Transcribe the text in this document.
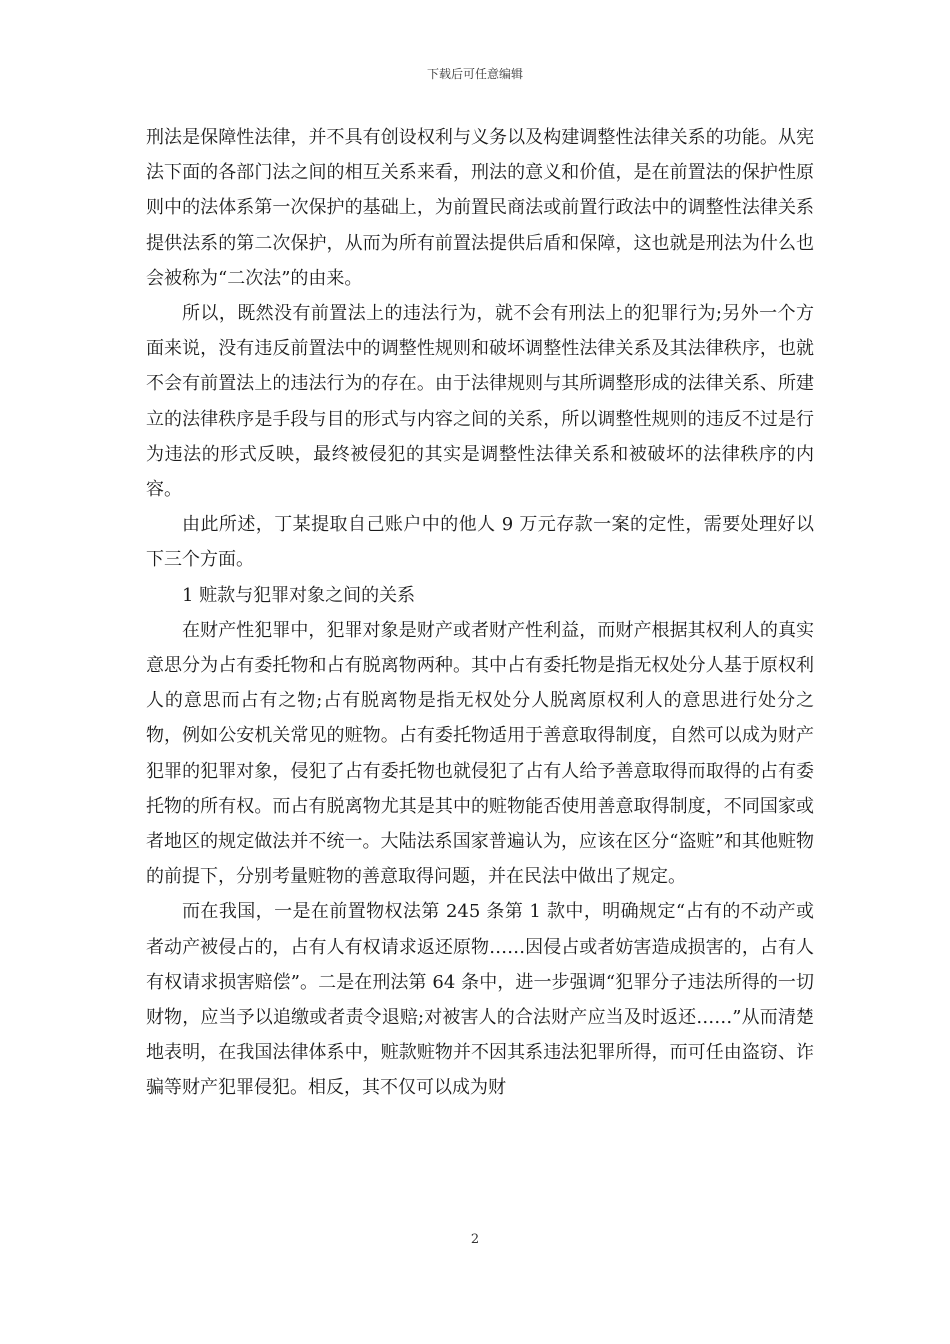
下载后可任意编辑

刑法是保障性法律，并不具有创设权利与义务以及构建调整性法律关系的功能。从宪法下面的各部门法之间的相互关系来看，刑法的意义和价值，是在前置法的保护性原则中的法体系第一次保护的基础上，为前置民商法或前置行政法中的调整性法律关系提供法系的第二次保护，从而为所有前置法提供后盾和保障，这也就是刑法为什么也会被称为“二次法”的由来。

所以，既然没有前置法上的违法行为，就不会有刑法上的犯罪行为;另外一个方面来说，没有违反前置法中的调整性规则和破坏调整性法律关系及其法律秩序，也就不会有前置法上的违法行为的存在。由于法律规则与其所调整形成的法律关系、所建立的法律秩序是手段与目的形式与内容之间的关系，所以调整性规则的违反不过是行为违法的形式反映，最终被侵犯的其实是调整性法律关系和被破坏的法律秩序的内容。

由此所述，丁某提取自己账户中的他人 9 万元存款一案的定性，需要处理好以下三个方面。

1 赃款与犯罪对象之间的关系

在财产性犯罪中，犯罪对象是财产或者财产性利益，而财产根据其权利人的真实意思分为占有委托物和占有脱离物两种。其中占有委托物是指无权处分人基于原权利人的意思而占有之物;占有脱离物是指无权处分人脱离原权利人的意思进行处分之物，例如公安机关常见的赃物。占有委托物适用于善意取得制度，自然可以成为财产犯罪的犯罪对象，侵犯了占有委托物也就侵犯了占有人给予善意取得而取得的占有委托物的所有权。而占有脱离物尤其是其中的赃物能否使用善意取得制度，不同国家或者地区的规定做法并不统一。大陆法系国家普遍认为，应该在区分“盗赃”和其他赃物的前提下，分别考量赃物的善意取得问题，并在民法中做出了规定。

而在我国，一是在前置物权法第 245 条第 1 款中，明确规定“占有的不动产或者动产被侵占的，占有人有权请求返还原物……因侵占或者妨害造成损害的，占有人有权请求损害赔偿”。二是在刑法第 64 条中，进一步强调“犯罪分子违法所得的一切财物，应当予以追缴或者责令退赔;对被害人的合法财产应当及时返还……”从而清楚地表明，在我国法律体系中，赃款赃物并不因其系违法犯罪所得，而可任由盗窃、诈骗等财产犯罪侵犯。相反，其不仅可以成为财

2
